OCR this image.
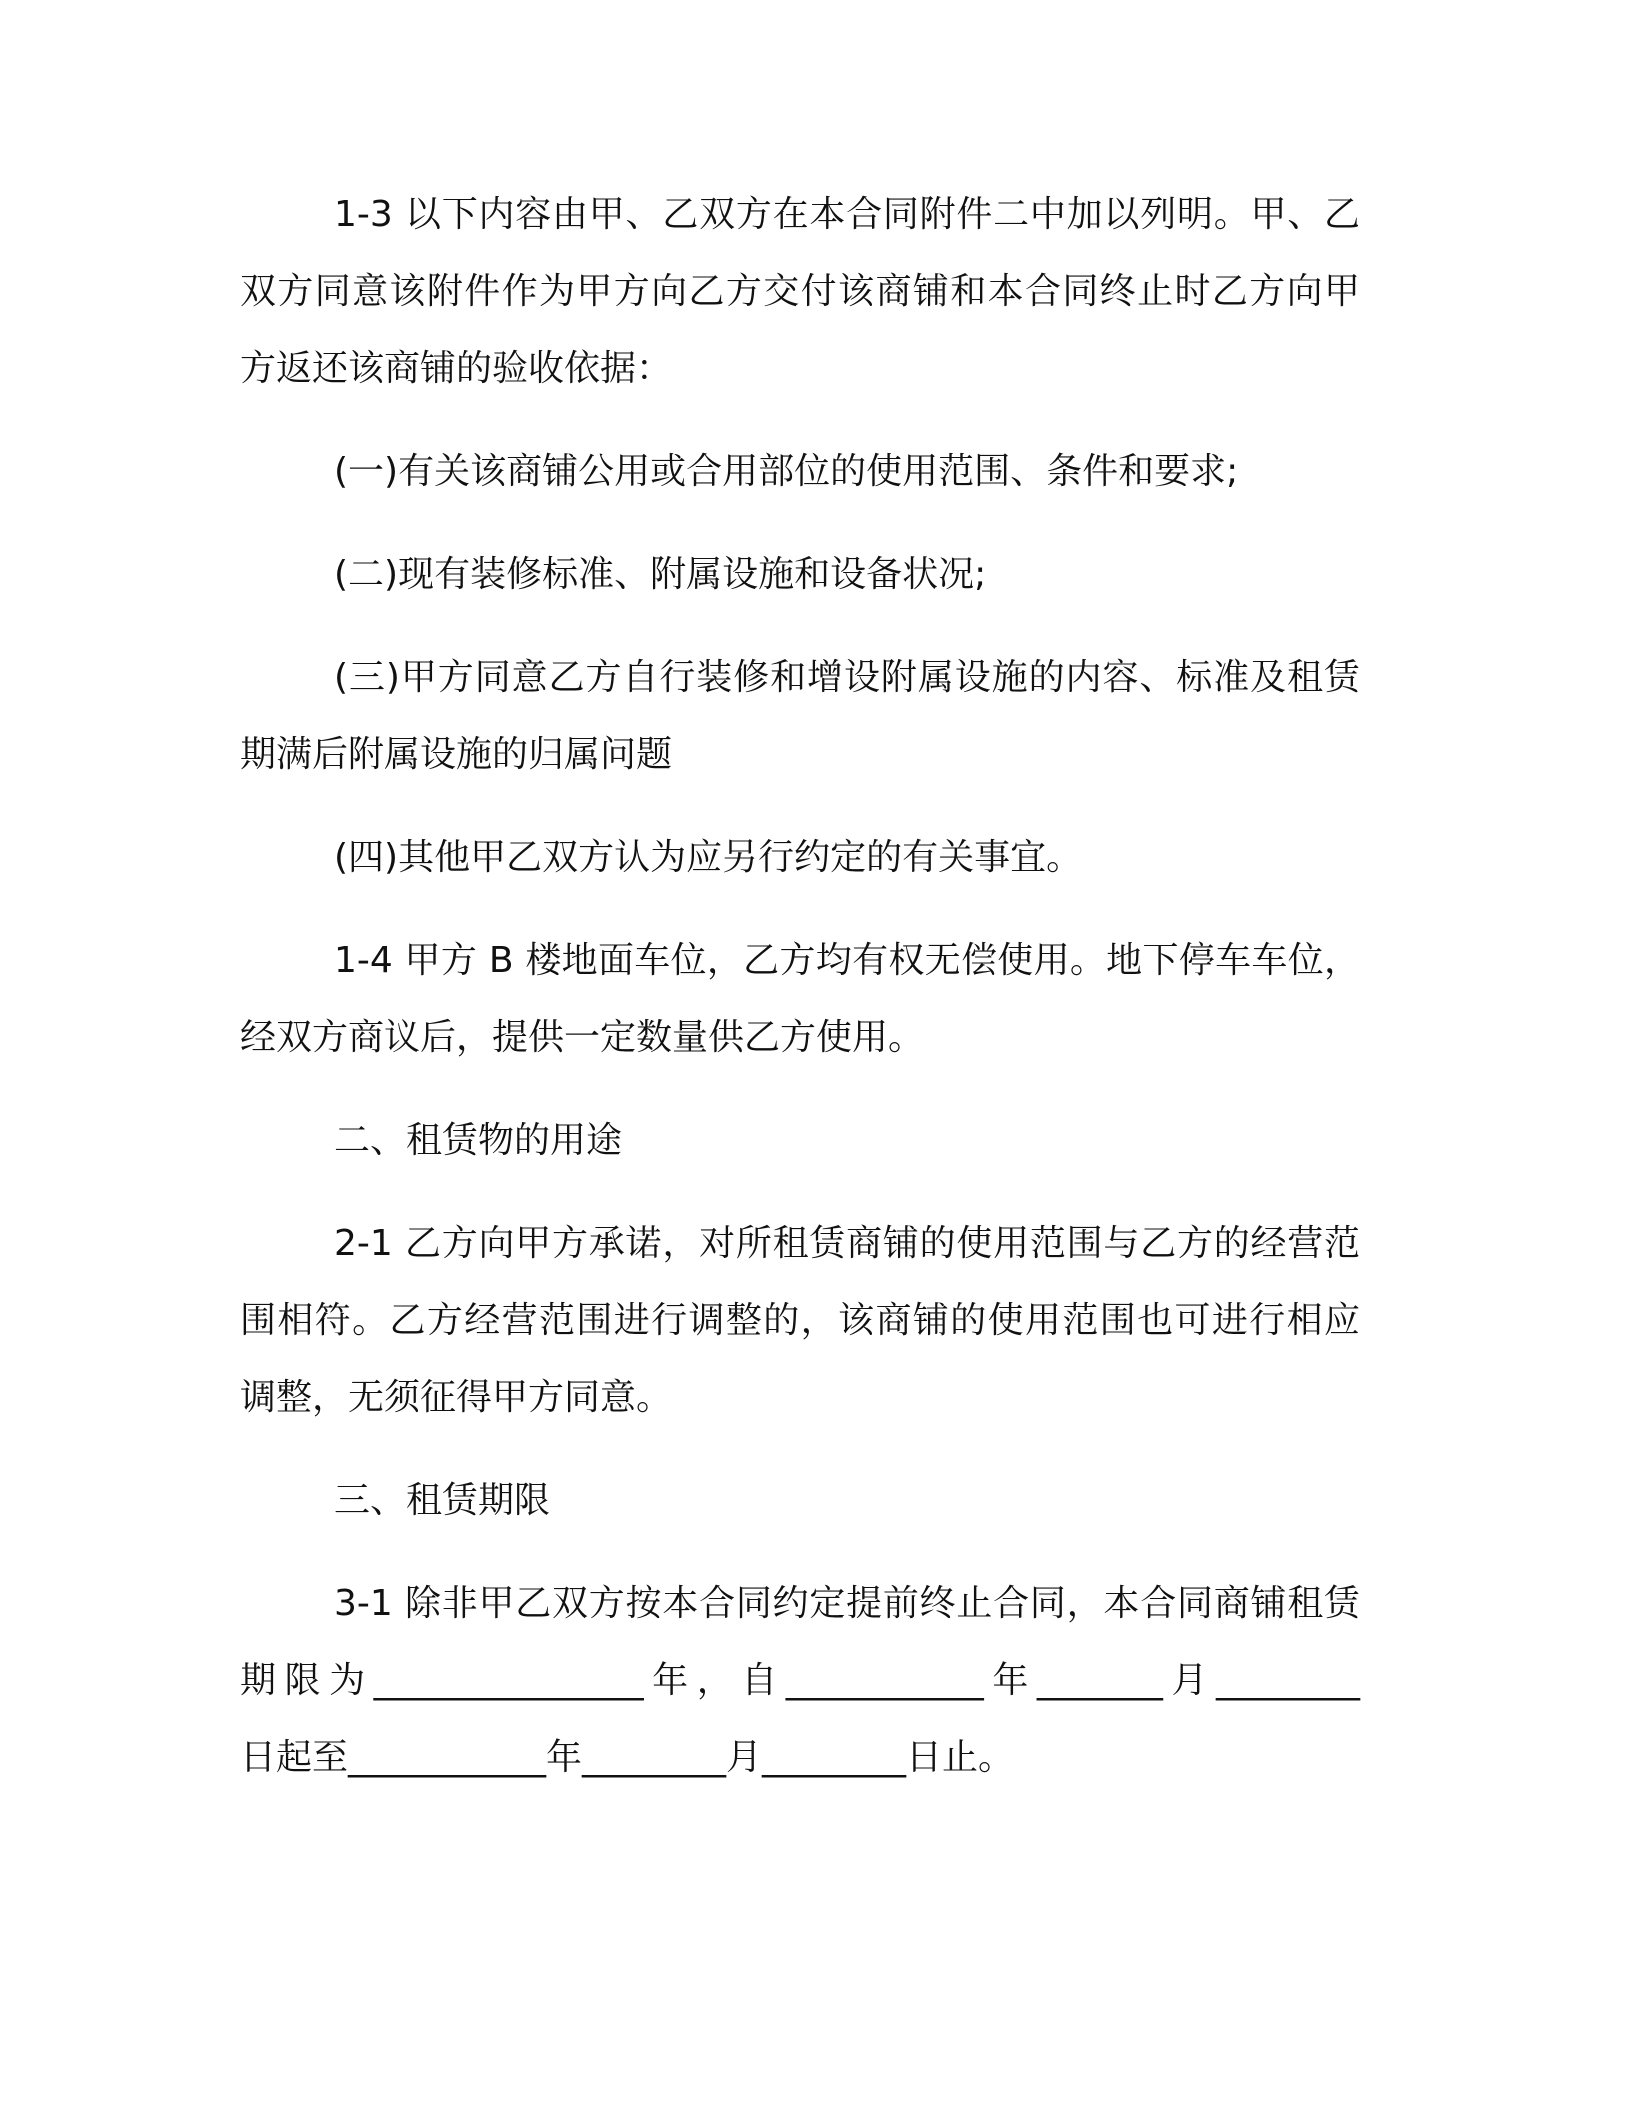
1-3 以下内容由甲、乙双方在本合同附件二中加以列明。甲、乙
双方同意该附件作为甲方向乙方交付该商铺和本合同终止时乙方向甲
方返还该商铺的验收依据：
(一)有关该商铺公用或合用部位的使用范围、条件和要求;
(二)现有装修标准、附属设施和设备状况;
(三)甲方同意乙方自行装修和增设附属设施的内容、标准及租赁
期满后附属设施的归属问题
(四)其他甲乙双方认为应另行约定的有关事宜。
1-4 甲方 B 楼地面车位，乙方均有权无偿使用。地下停车车位，
经双方商议后，提供一定数量供乙方使用。
二、租赁物的用途
2-1 乙方向甲方承诺，对所租赁商铺的使用范围与乙方的经营范
围相符。乙方经营范围进行调整的，该商铺的使用范围也可进行相应
调整，无须征得甲方同意。
三、租赁期限
3-1 除非甲乙双方按本合同约定提前终止合同，本合同商铺租赁
期限为_______________年，自___________年_______月________
日起至___________年________月________日止。
